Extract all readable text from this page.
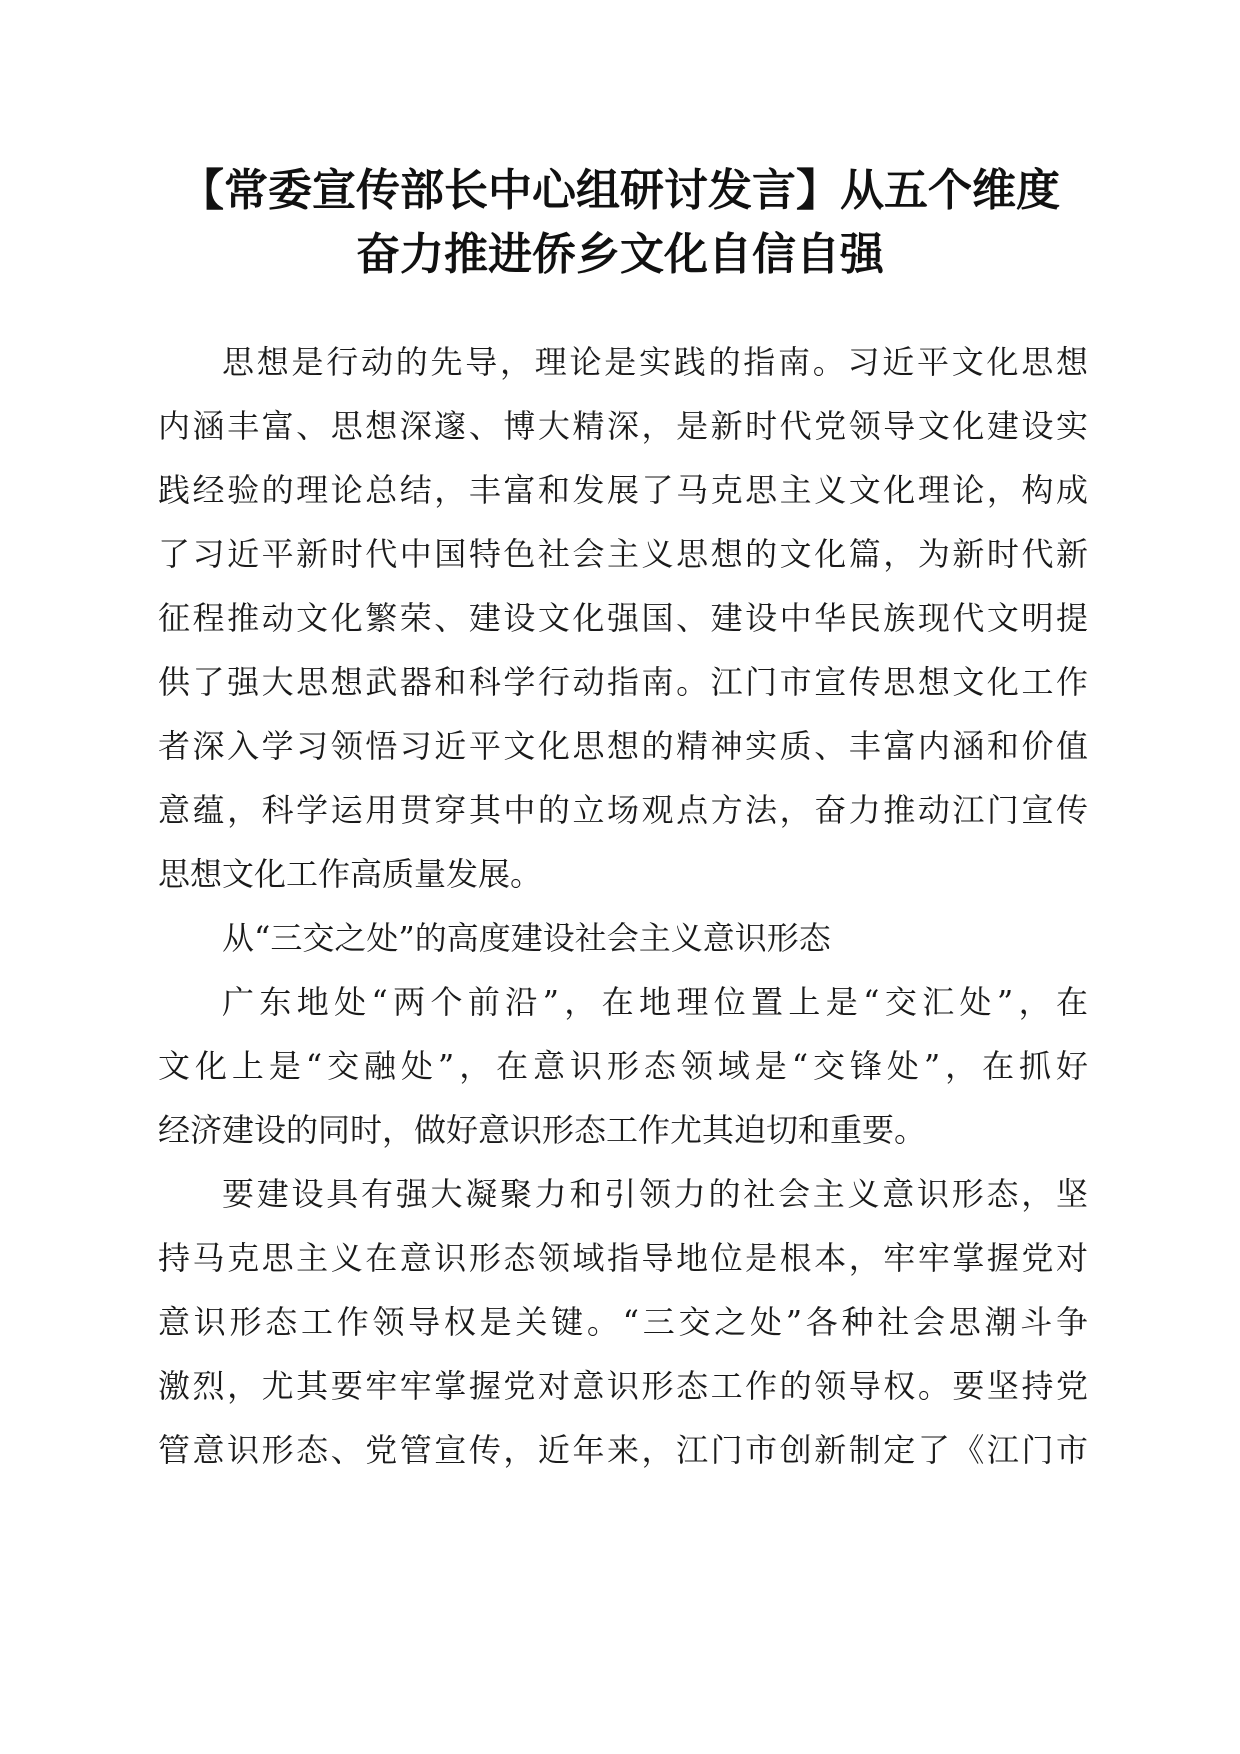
【常委宣传部长中心组研讨发言】从五个维度
奋力推进侨乡文化自信自强
思想是行动的先导，理论是实践的指南。习近平文化思想
内涵丰富、思想深邃、博大精深，是新时代党领导文化建设实
践经验的理论总结，丰富和发展了马克思主义文化理论，构成
了习近平新时代中国特色社会主义思想的文化篇，为新时代新
征程推动文化繁荣、建设文化强国、建设中华民族现代文明提
供了强大思想武器和科学行动指南。江门市宣传思想文化工作
者深入学习领悟习近平文化思想的精神实质、丰富内涵和价值
意蕴，科学运用贯穿其中的立场观点方法，奋力推动江门宣传
思想文化工作高质量发展。
从“三交之处”的高度建设社会主义意识形态
广东地处“两个前沿”，在地理位置上是“交汇处”，在
文化上是“交融处”，在意识形态领域是“交锋处”，在抓好
经济建设的同时，做好意识形态工作尤其迫切和重要。
要建设具有强大凝聚力和引领力的社会主义意识形态，坚
持马克思主义在意识形态领域指导地位是根本，牢牢掌握党对
意识形态工作领导权是关键。“三交之处”各种社会思潮斗争
激烈，尤其要牢牢掌握党对意识形态工作的领导权。要坚持党
管意识形态、党管宣传，近年来，江门市创新制定了《江门市
